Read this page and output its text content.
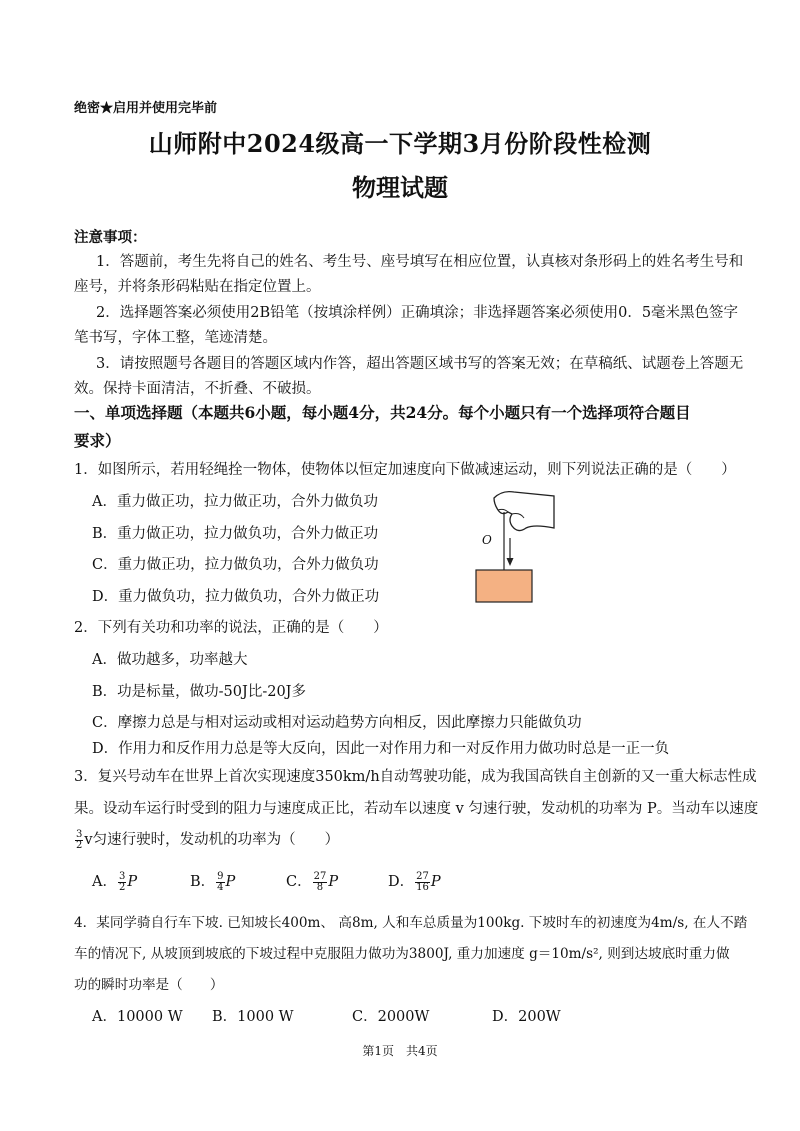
绝密★启用并使用完毕前
山师附中2024级高一下学期3月份阶段性检测
物理试题
注意事项：
1．答题前，考生先将自己的姓名、考生号、座号填写在相应位置，认真核对条形码上的姓名考生号和
座号，并将条形码粘贴在指定位置上。
2．选择题答案必须使用2B铅笔（按填涂样例）正确填涂；非选择题答案必须使用0．5毫米黑色签字
笔书写，字体工整，笔迹清楚。
3．请按照题号各题目的答题区域内作答，超出答题区域书写的答案无效；在草稿纸、试题卷上答题无
效。保持卡面清洁，不折叠、不破损。
一、单项选择题（本题共6小题，每小题4分，共24分。每个小题只有一个选择项符合题目
要求）
1．如图所示，若用轻绳拴一物体，使物体以恒定加速度向下做减速运动，则下列说法正确的是（　　）
A．重力做正功，拉力做正功，合外力做负功
B．重力做正功，拉力做负功，合外力做正功
C．重力做正功，拉力做负功，合外力做负功
D．重力做负功，拉力做负功，合外力做正功
O
2．下列有关功和功率的说法，正确的是（　　）
A．做功越多，功率越大
B．功是标量，做功-50J比-20J多
C．摩擦力总是与相对运动或相对运动趋势方向相反，因此摩擦力只能做负功
D．作用力和反作用力总是等大反向，因此一对作用力和一对反作用力做功时总是一正一负
3．复兴号动车在世界上首次实现速度350km/h自动驾驶功能，成为我国高铁自主创新的又一重大标志性成
果。设动车运行时受到的阻力与速度成正比，若动车以速度 v 匀速行驶，发动机的功率为 P。当动车以速度
$\frac{3}{2}$ v匀速行驶时，发动机的功率为（　　）
A． $\frac{3}{2}$ P	B． $\frac{9}{4}$ P	C． $\frac{27}{8}$ P	D． $\frac{27}{16}$ P
4．某同学骑自行车下坡. 已知坡长400m、 高8m, 人和车总质量为100kg. 下坡时车的初速度为4m/s, 在人不踏
车的情况下, 从坡顶到坡底的下坡过程中克服阻力做功为3800J, 重力加速度 g＝10m/s², 则到达坡底时重力做
功的瞬时功率是（　　）
A．10000 W B．1000 W	C．2000W	D．200W
第1页　共4页
